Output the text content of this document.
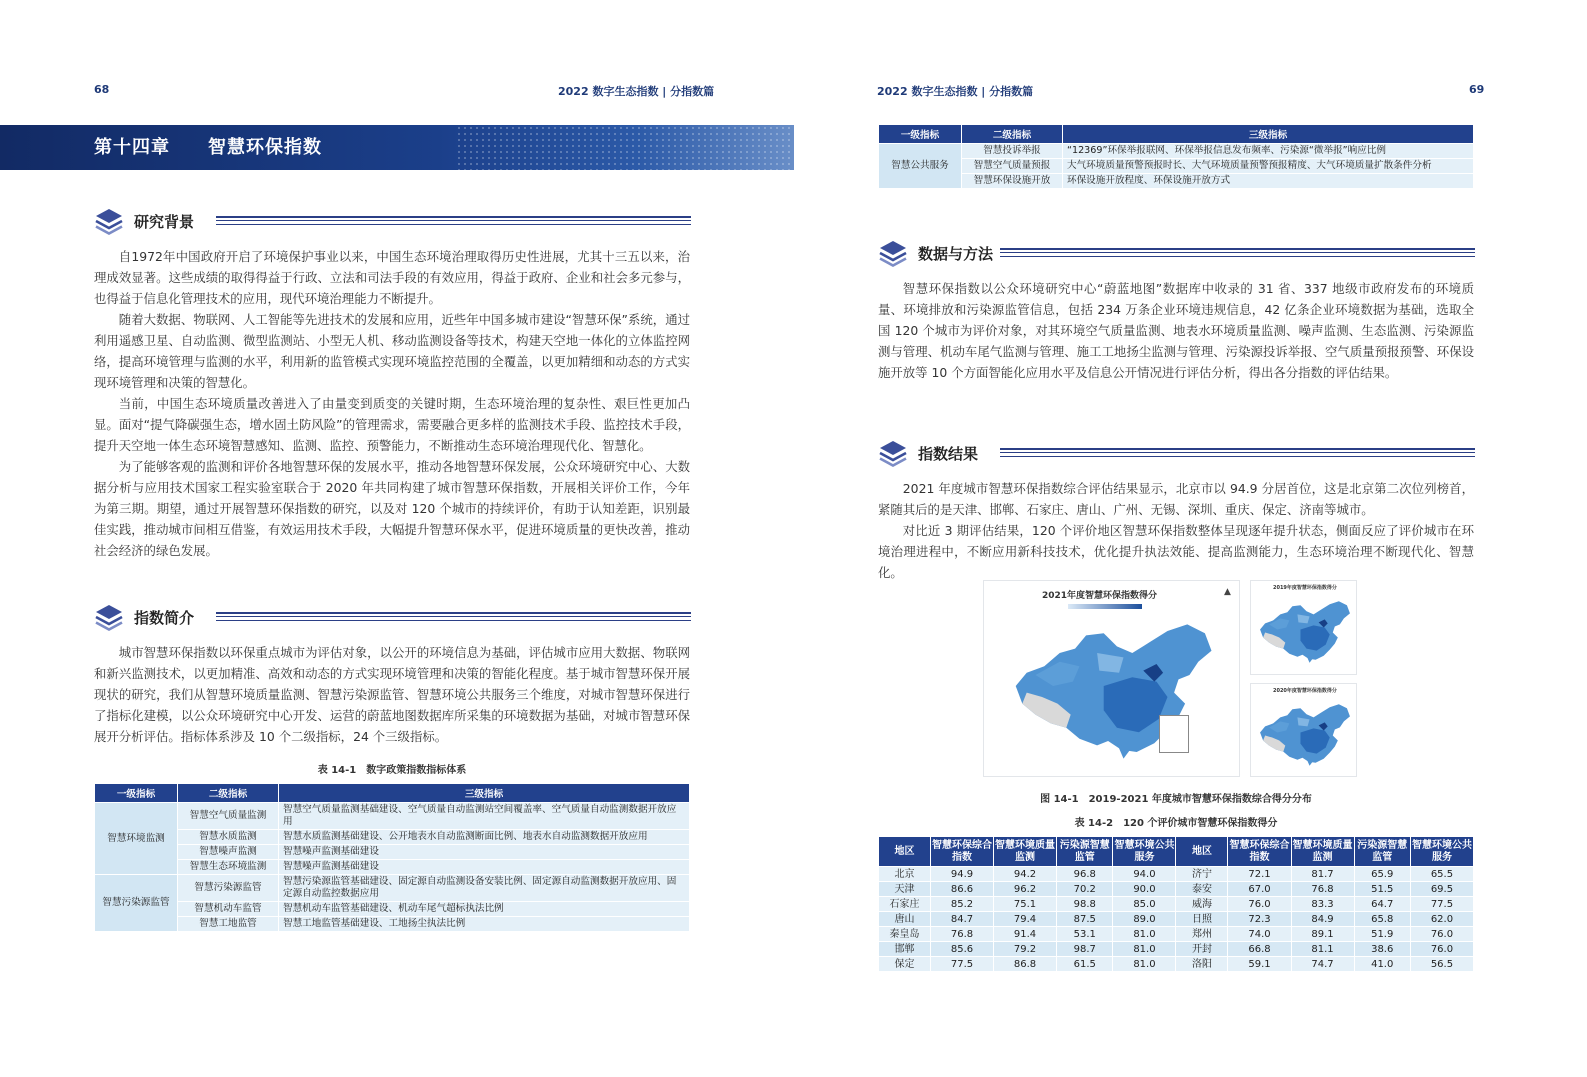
68	2022 数字生态指数 | 分指数篇
第十四章　　智慧环保指数
研究背景

自1972年中国政府开启了环境保护事业以来，中国生态环境治理取得历史性进展，尤其十三五以来，治理成效显著。这些成绩的取得得益于行政、立法和司法手段的有效应用，得益于政府、企业和社会多元参与，也得益于信息化管理技术的应用，现代环境治理能力不断提升。

随着大数据、物联网、人工智能等先进技术的发展和应用，近些年中国多城市建设“智慧环保”系统，通过利用遥感卫星、自动监测、微型监测站、小型无人机、移动监测设备等技术，构建天空地一体化的立体监控网络，提高环境管理与监测的水平，利用新的监管模式实现环境监控范围的全覆盖，以更加精细和动态的方式实现环境管理和决策的智慧化。

当前，中国生态环境质量改善进入了由量变到质变的关键时期，生态环境治理的复杂性、艰巨性更加凸显。面对“提气降碳强生态，增水固土防风险”的管理需求，需要融合更多样的监测技术手段、监控技术手段，提升天空地一体生态环境智慧感知、监测、监控、预警能力，不断推动生态环境治理现代化、智慧化。

为了能够客观的监测和评价各地智慧环保的发展水平，推动各地智慧环保发展，公众环境研究中心、大数据分析与应用技术国家工程实验室联合于 2020 年共同构建了城市智慧环保指数，开展相关评价工作，今年为第三期。期望，通过开展智慧环保指数的研究，以及对 120 个城市的持续评价，有助于认知差距，识别最佳实践，推动城市间相互借鉴，有效运用技术手段，大幅提升智慧环保水平，促进环境质量的更快改善，推动社会经济的绿色发展。

指数简介

城市智慧环保指数以环保重点城市为评估对象，以公开的环境信息为基础，评估城市应用大数据、物联网和新兴监测技术，以更加精准、高效和动态的方式实现环境管理和决策的智能化程度。基于城市智慧环保开展现状的研究，我们从智慧环境质量监测、智慧污染源监管、智慧环境公共服务三个维度，对城市智慧环保进行了指标化建模，以公众环境研究中心开发、运营的蔚蓝地图数据库所采集的环境数据为基础，对城市智慧环保展开分析评估。指标体系涉及 10 个二级指标，24 个三级指标。

表 14-1　数字政策指数指标体系
一级指标	二级指标	三级指标
智慧环境监测	智慧空气质量监测	智慧空气质量监测基础建设、空气质量自动监测站空间覆盖率、空气质量自动监测数据开放应用
	智慧水质监测	智慧水质监测基础建设、公开地表水自动监测断面比例、地表水自动监测数据开放应用
	智慧噪声监测	智慧噪声监测基础建设
	智慧生态环境监测	智慧噪声监测基础建设
智慧污染源监管	智慧污染源监管	智慧污染源监管基础建设、固定源自动监测设备安装比例、固定源自动监测数据开放应用、固定源自动监控数据应用
	智慧机动车监管	智慧机动车监管基础建设、机动车尾气超标执法比例
	智慧工地监管	智慧工地监管基础建设、工地扬尘执法比例
2022 数字生态指数 | 分指数篇	69
一级指标	二级指标	三级指标
智慧公共服务	智慧投诉举报	“12369”环保举报联网、环保举报信息发布频率、污染源“微举报”响应比例
	智慧空气质量预报	大气环境质量预警预报时长、大气环境质量预警预报精度、大气环境质量扩散条件分析
	智慧环保设施开放	环保设施开放程度、环保设施开放方式
数据与方法

智慧环保指数以公众环境研究中心“蔚蓝地图”数据库中收录的 31 省、337 地级市政府发布的环境质量、环境排放和污染源监管信息，包括 234 万条企业环境违规信息，42 亿条企业环境数据为基础，选取全国 120 个城市为评价对象，对其环境空气质量监测、地表水环境质量监测、噪声监测、生态监测、污染源监测与管理、机动车尾气监测与管理、施工工地扬尘监测与管理、污染源投诉举报、空气质量预报预警、环保设施开放等 10 个方面智能化应用水平及信息公开情况进行评估分析，得出各分指数的评估结果。

指数结果

2021 年度城市智慧环保指数综合评估结果显示，北京市以 94.9 分居首位，这是北京第二次位列榜首，紧随其后的是天津、邯郸、石家庄、唐山、广州、无锡、深圳、重庆、保定、济南等城市。

对比近 3 期评估结果，120 个评价地区智慧环保指数整体呈现逐年提升状态，侧面反应了评价城市在环境治理进程中，不断应用新科技技术，优化提升执法效能、提高监测能力，生态环境治理不断现代化、智慧化。

2021年度智慧环保指数得分	▲	2019年度智慧环保指数得分
2020年度智慧环保指数得分
图 14-1　2019-2021 年度城市智慧环保指数综合得分分布
表 14-2　120 个评价城市智慧环保指数得分
地区	智慧环保综合指数	智慧环境质量监测	污染源智慧监管	智慧环境公共服务	地区	智慧环保综合指数	智慧环境质量监测	污染源智慧监管	智慧环境公共服务
北京	94.9	94.2	96.8	94.0	济宁	72.1	81.7	65.9	65.5
天津	86.6	96.2	70.2	90.0	泰安	67.0	76.8	51.5	69.5
石家庄	85.2	75.1	98.8	85.0	威海	76.0	83.3	64.7	77.5
唐山	84.7	79.4	87.5	89.0	日照	72.3	84.9	65.8	62.0
秦皇岛	76.8	91.4	53.1	81.0	郑州	74.0	89.1	51.9	76.0
邯郸	85.6	79.2	98.7	81.0	开封	66.8	81.1	38.6	76.0
保定	77.5	86.8	61.5	81.0	洛阳	59.1	74.7	41.0	56.5
